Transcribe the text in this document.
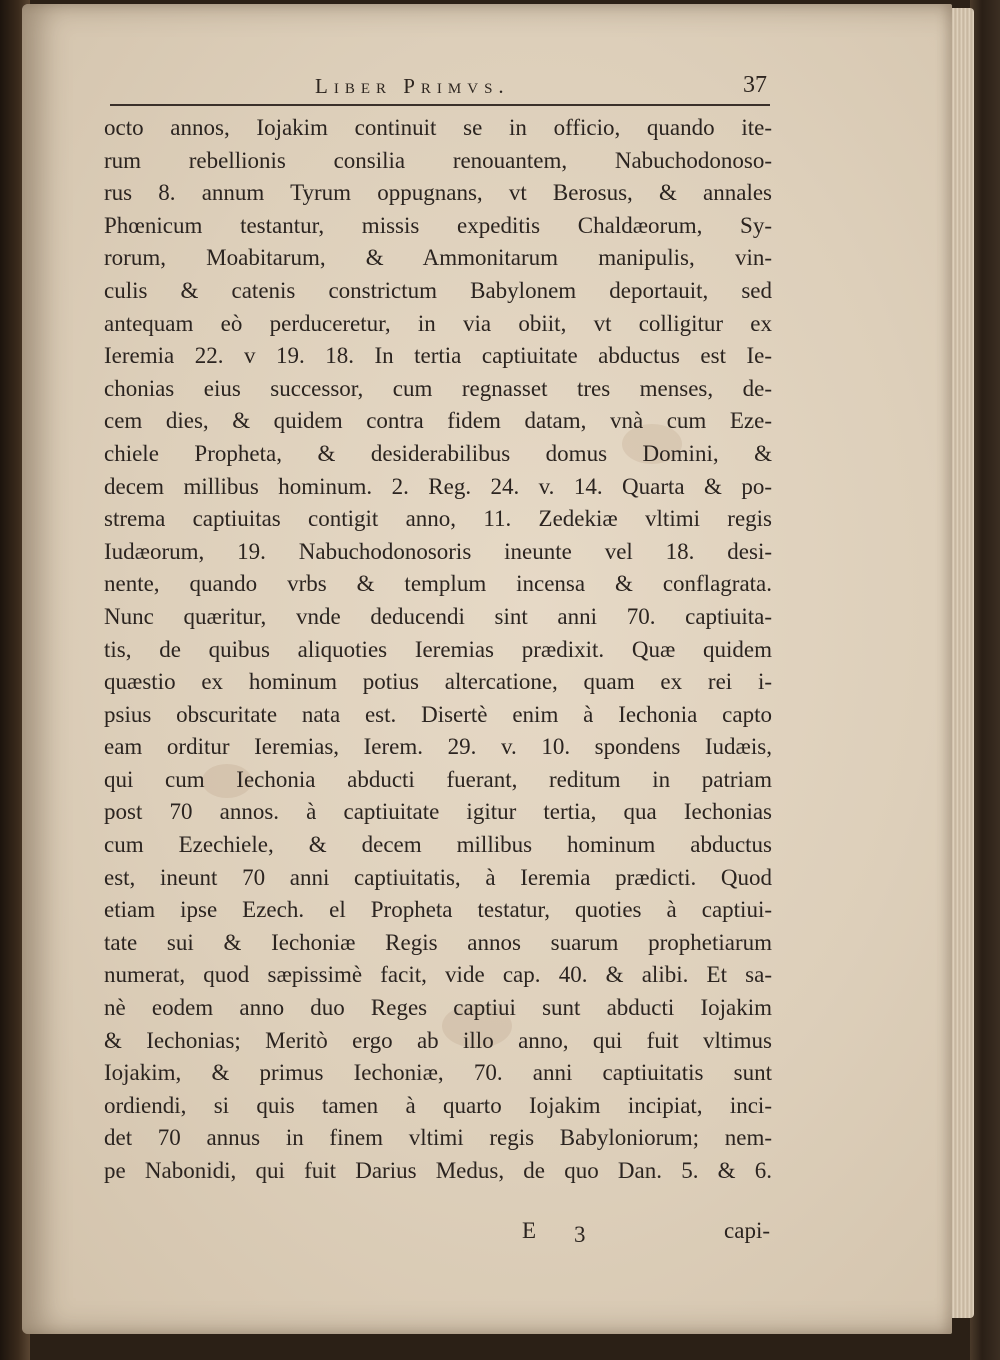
Liber Primvs.	37
octo annos, Iojakim continuit se in officio, quando ite-
rum rebellionis consilia renouantem, Nabuchodonoso-
rus 8. annum Tyrum oppugnans, vt Berosus, & annales
Phœnicum testantur, missis expeditis Chaldæorum, Sy-
rorum, Moabitarum, & Ammonitarum manipulis, vin-
culis & catenis constrictum Babylonem deportauit, sed
antequam eò perduceretur, in via obiit, vt colligitur ex
Ieremia 22. v 19. 18. In tertia captiuitate abductus est Ie-
chonias eius successor, cum regnasset tres menses, de-
cem dies, & quidem contra fidem datam, vnà cum Eze-
chiele Propheta, & desiderabilibus domus Domini, &
decem millibus hominum. 2. Reg. 24. v. 14. Quarta & po-
strema captiuitas contigit anno, 11. Zedekiæ vltimi regis
Iudæorum, 19. Nabuchodonosoris ineunte vel 18. desi-
nente, quando vrbs & templum incensa & conflagrata.
Nunc quæritur, vnde deducendi sint anni 70. captiuita-
tis, de quibus aliquoties Ieremias prædixit. Quæ quidem
quæstio ex hominum potius altercatione, quam ex rei i-
psius obscuritate nata est. Disertè enim à Iechonia capto
eam orditur Ieremias, Ierem. 29. v. 10. spondens Iudæis,
qui cum Iechonia abducti fuerant, reditum in patriam
post 70 annos. à captiuitate igitur tertia, qua Iechonias
cum Ezechiele, & decem millibus hominum abductus
est, ineunt 70 anni captiuitatis, à Ieremia prædicti. Quod
etiam ipse Ezech. el Propheta testatur, quoties à captiui-
tate sui & Iechoniæ Regis annos suarum prophetiarum
numerat, quod sæpissimè facit, vide cap. 40. & alibi. Et sa-
nè eodem anno duo Reges captiui sunt abducti Iojakim
& Iechonias; Meritò ergo ab illo anno, qui fuit vltimus
Iojakim, & primus Iechoniæ, 70. anni captiuitatis sunt
ordiendi, si quis tamen à quarto Iojakim incipiat, inci-
det 70 annus in finem vltimi regis Babyloniorum; nem-
pe Nabonidi, qui fuit Darius Medus, de quo Dan. 5. & 6.
E 3	capi-
